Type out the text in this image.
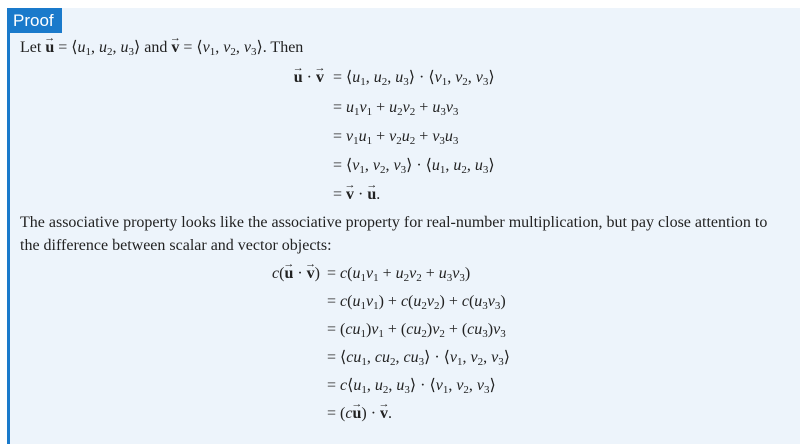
Proof
Let → $u = ⟨u_1$, $u_2$, $u_3⟩$ and → $v = ⟨v_1$, $v_2$, $v_3⟩$. Then
→ u · → $v = ⟨u_1$, $u_2$, $u_3⟩$ · $⟨v_1$, $v_2$, $v_3⟩$
= $u_1v_1 + u_2v_2 + u_3v_3$
= $v_1u_1 + v_2u_2 + v_3u_3$
= $⟨v_1$, $v_2$, $v_3⟩$ · $⟨u_1$, $u_2$, $u_3⟩$
= → v · → u.
The associative property looks like the associative property for real-number multiplication, but pay close attention to the difference between scalar and vector objects:
c(→ u · → $v) = c(u_1v_1 + u_2v_2 + u_3v_3)$
= $c(u_1v_1) + c(u_2v_2) + c(u_3v_3)$
= $(cu_1)v_1 + (cu_2)v_2 + (cu_3)v_3$
= $⟨cu_1$, $cu_2$, $cu_3⟩$ · $⟨v_1$, $v_2$, $v_3⟩$
= $c⟨u_1$, $u_2$, $u_3⟩$ · $⟨v_1$, $v_2$, $v_3⟩$
= (c→ u) · → v.
